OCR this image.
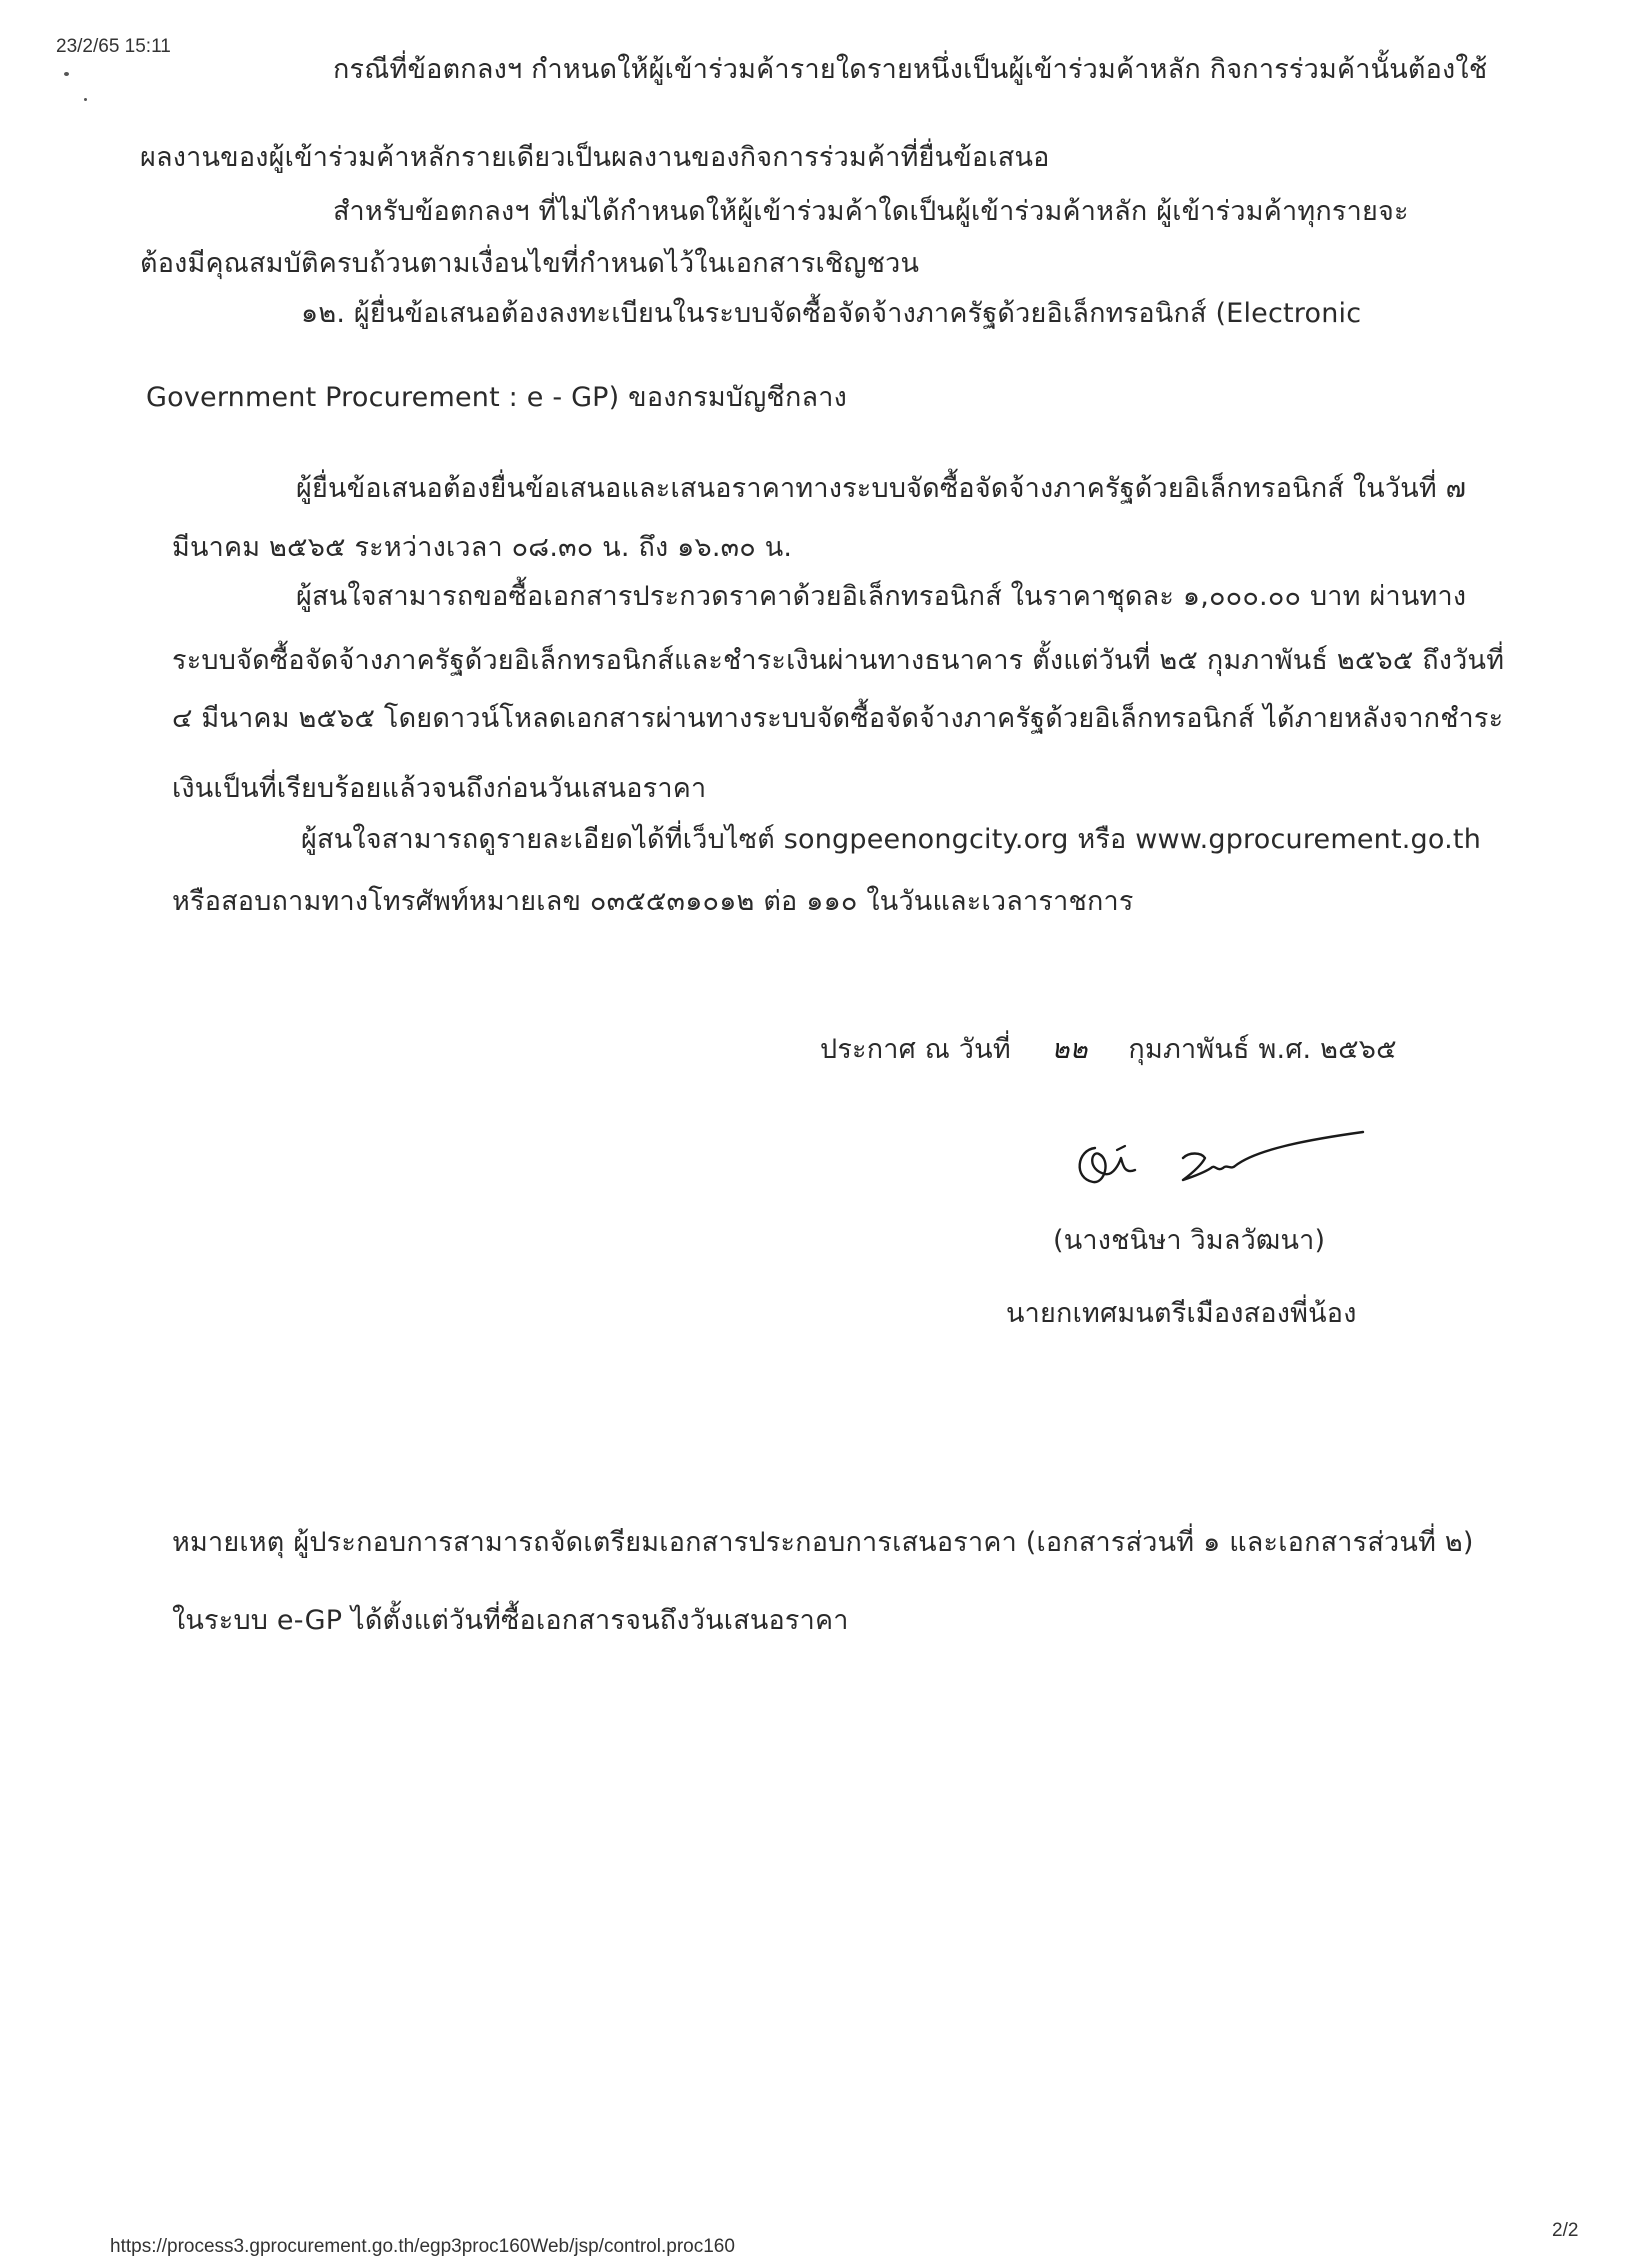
23/2/65 15:11
กรณีที่ข้อตกลงฯ กำหนดให้ผู้เข้าร่วมค้ารายใดรายหนึ่งเป็นผู้เข้าร่วมค้าหลัก กิจการร่วมค้านั้นต้องใช้
ผลงานของผู้เข้าร่วมค้าหลักรายเดียวเป็นผลงานของกิจการร่วมค้าที่ยื่นข้อเสนอ
สำหรับข้อตกลงฯ ที่ไม่ได้กำหนดให้ผู้เข้าร่วมค้าใดเป็นผู้เข้าร่วมค้าหลัก ผู้เข้าร่วมค้าทุกรายจะ
ต้องมีคุณสมบัติครบถ้วนตามเงื่อนไขที่กำหนดไว้ในเอกสารเชิญชวน
๑๒. ผู้ยื่นข้อเสนอต้องลงทะเบียนในระบบจัดซื้อจัดจ้างภาครัฐด้วยอิเล็กทรอนิกส์ (Electronic
Government Procurement : e - GP) ของกรมบัญชีกลาง
ผู้ยื่นข้อเสนอต้องยื่นข้อเสนอและเสนอราคาทางระบบจัดซื้อจัดจ้างภาครัฐด้วยอิเล็กทรอนิกส์ ในวันที่ ๗
มีนาคม ๒๕๖๕ ระหว่างเวลา ๐๘.๓๐ น. ถึง ๑๖.๓๐ น.
ผู้สนใจสามารถขอซื้อเอกสารประกวดราคาด้วยอิเล็กทรอนิกส์ ในราคาชุดละ ๑,๐๐๐.๐๐ บาท ผ่านทาง
ระบบจัดซื้อจัดจ้างภาครัฐด้วยอิเล็กทรอนิกส์และชำระเงินผ่านทางธนาคาร ตั้งแต่วันที่ ๒๕ กุมภาพันธ์ ๒๕๖๕ ถึงวันที่
๔ มีนาคม ๒๕๖๕ โดยดาวน์โหลดเอกสารผ่านทางระบบจัดซื้อจัดจ้างภาครัฐด้วยอิเล็กทรอนิกส์ ได้ภายหลังจากชำระ
เงินเป็นที่เรียบร้อยแล้วจนถึงก่อนวันเสนอราคา
ผู้สนใจสามารถดูรายละเอียดได้ที่เว็บไซต์ songpeenongcity.org หรือ www.gprocurement.go.th
หรือสอบถามทางโทรศัพท์หมายเลข ๐๓๕๕๓๑๐๑๒ ต่อ ๑๑๐ ในวันและเวลาราชการ
ประกาศ ณ วันที่ ๒๒ กุมภาพันธ์ พ.ศ. ๒๕๖๕
(นางชนิษา วิมลวัฒนา)
นายกเทศมนตรีเมืองสองพี่น้อง
หมายเหตุ ผู้ประกอบการสามารถจัดเตรียมเอกสารประกอบการเสนอราคา (เอกสารส่วนที่ ๑ และเอกสารส่วนที่ ๒)
ในระบบ e-GP ได้ตั้งแต่วันที่ซื้อเอกสารจนถึงวันเสนอราคา
https://process3.gprocurement.go.th/egp3proc160Web/jsp/control.proc160
2/2
